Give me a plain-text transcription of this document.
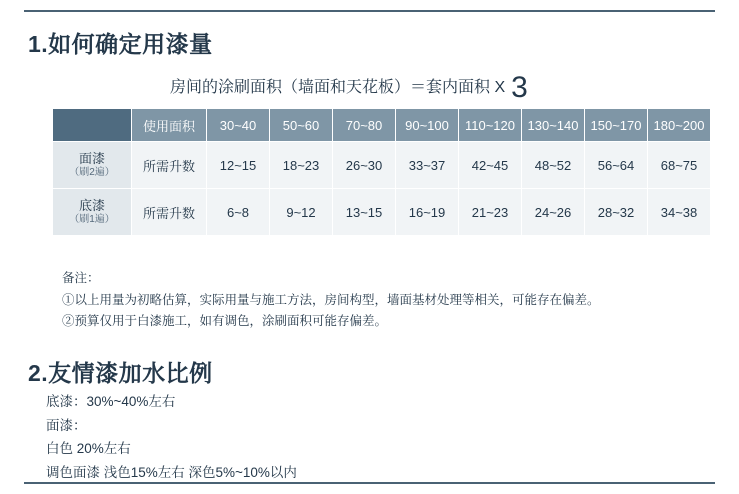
1.如何确定用漆量
房间的涂刷面积（墙面和天花板）＝套内面积 X 3
	使用面积	30~40	50~60	70~80	90~100	110~120	130~140	150~170	180~200
面漆
（刷2遍）	所需升数	12~15	18~23	26~30	33~37	42~45	48~52	56~64	68~75
底漆
（刷1遍）	所需升数	6~8	9~12	13~15	16~19	21~23	24~26	28~32	34~38
备注：
①以上用量为初略估算，实际用量与施工方法，房间构型，墙面基材处理等相关，可能存在偏差。
②预算仅用于白漆施工，如有调色，涂刷面积可能存偏差。
2.友情漆加水比例
底漆：30%~40%左右
面漆：
白色 20%左右
调色面漆 浅色15%左右 深色5%~10%以内
